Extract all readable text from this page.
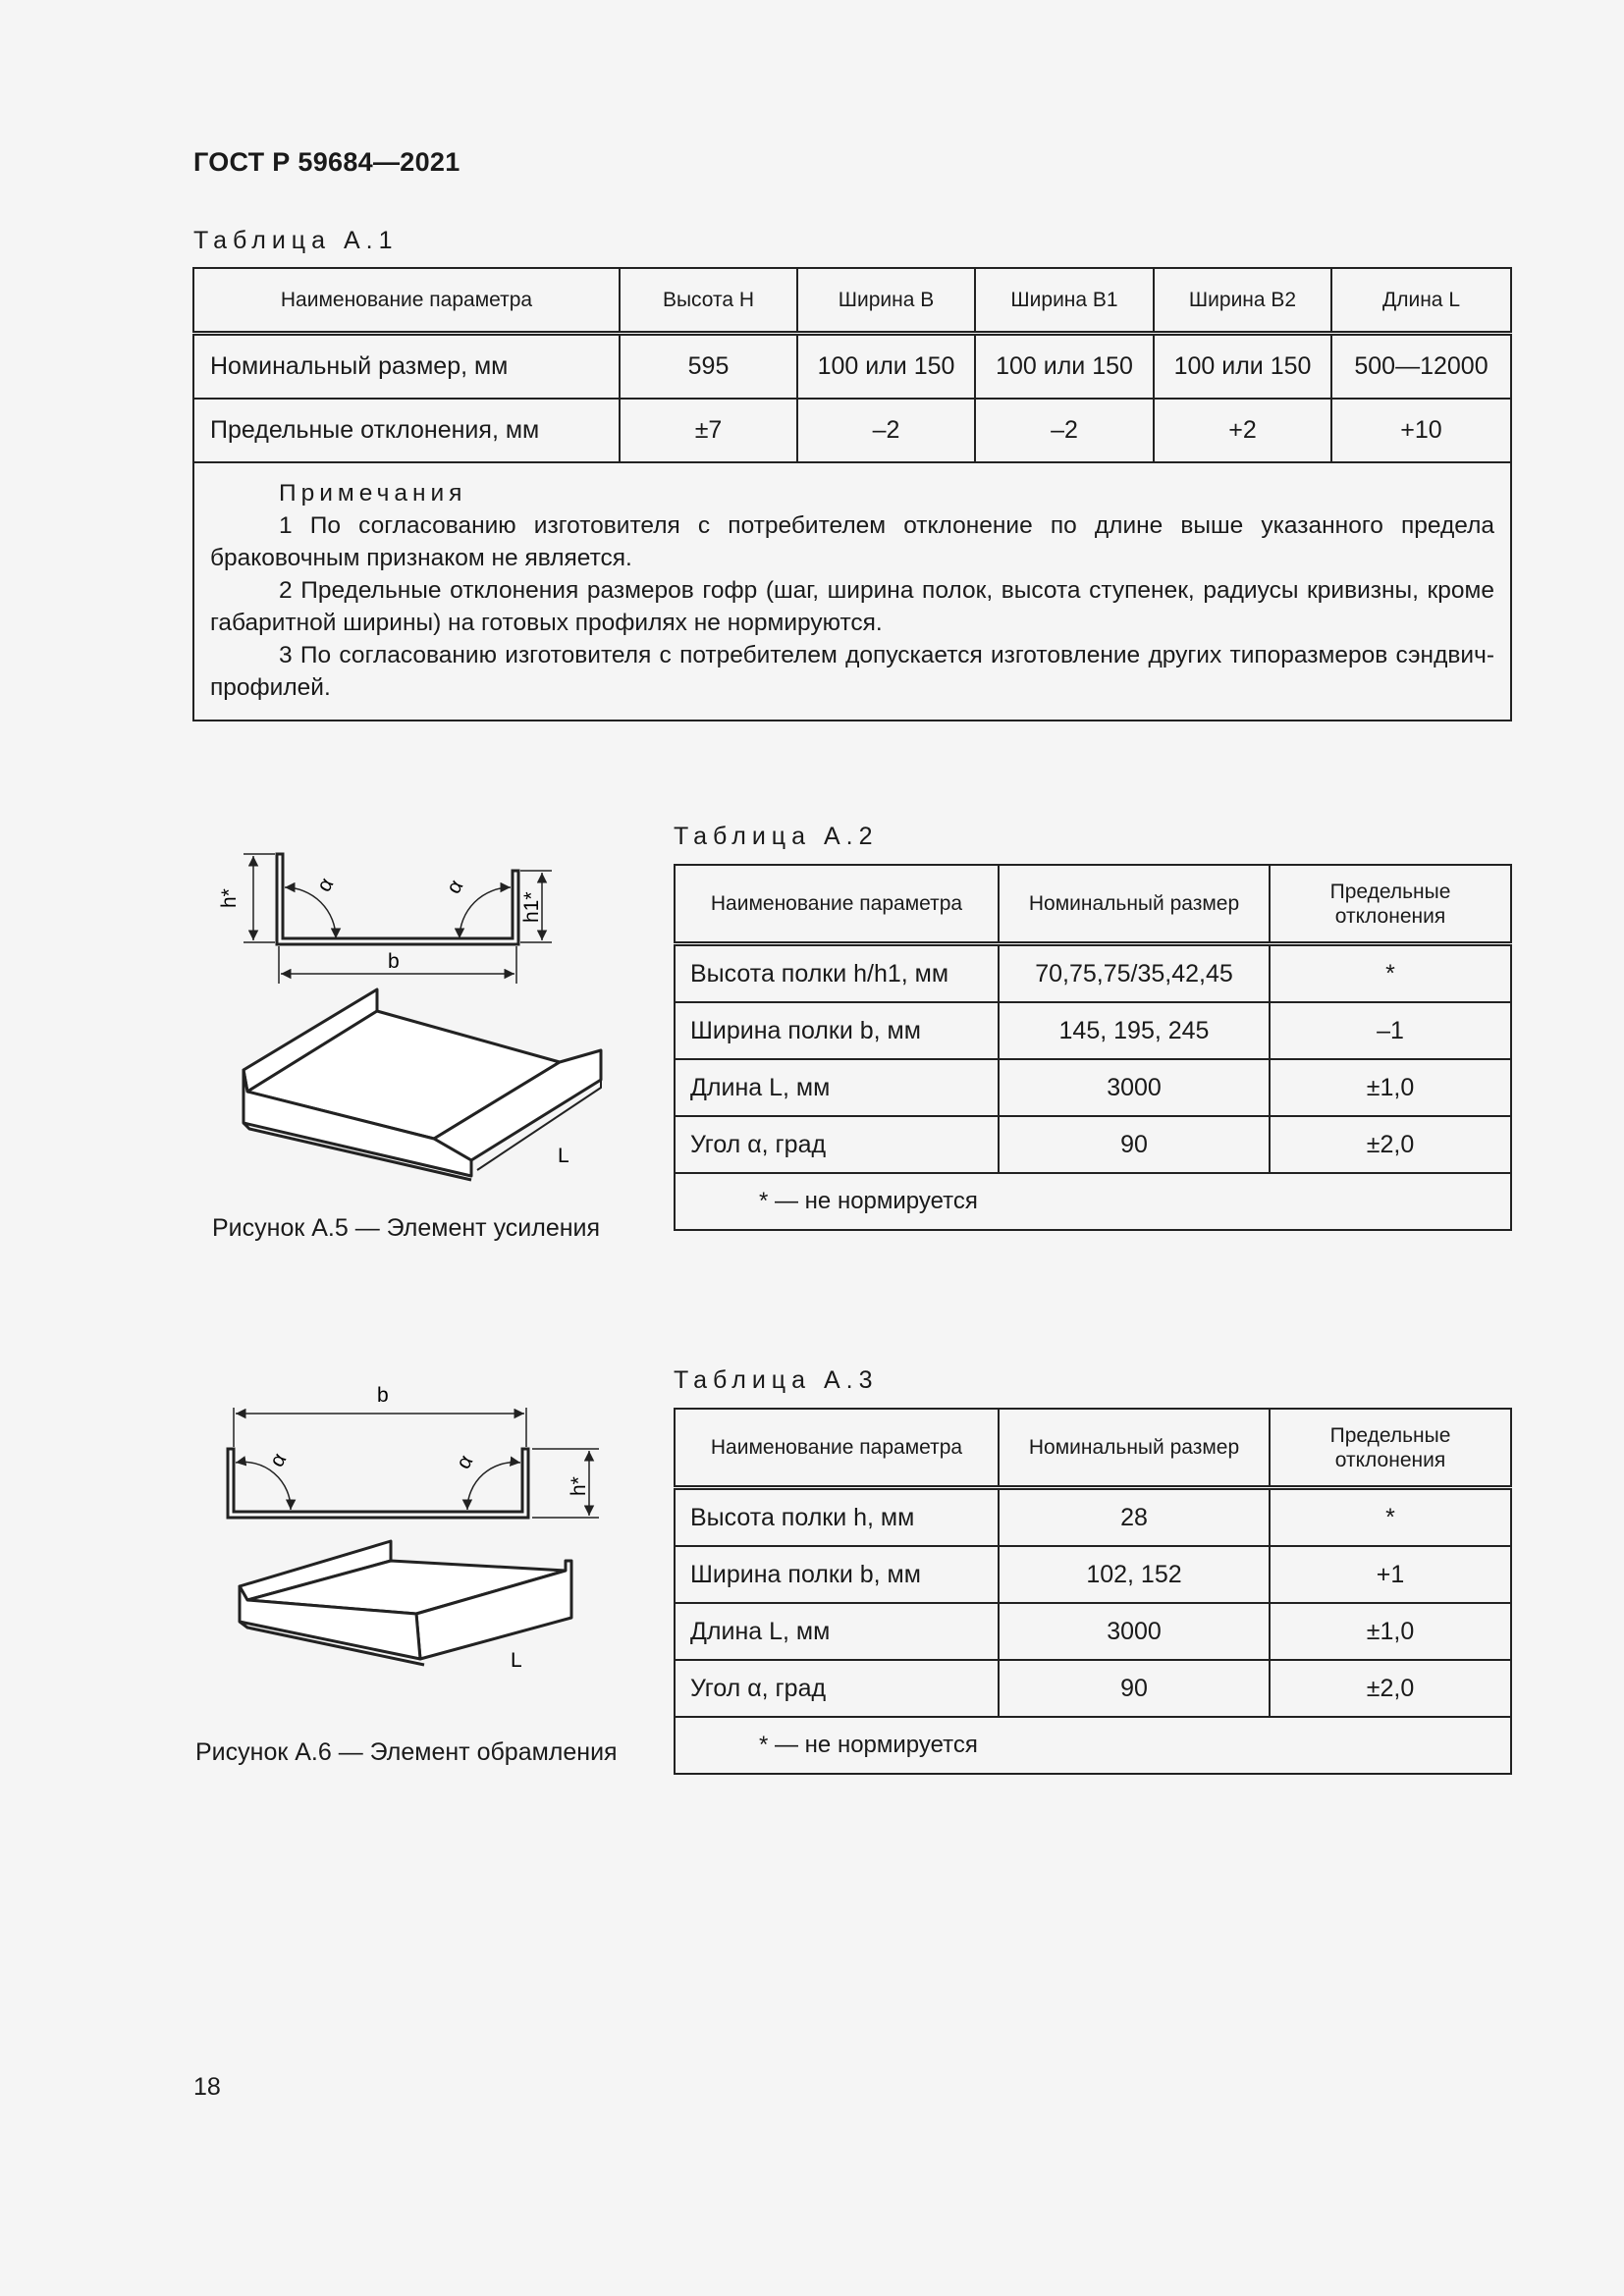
ГОСТ Р 59684—2021
Таблица А.1
Наименование параметра	Высота H	Ширина B	Ширина B1	Ширина B2	Длина L
Номинальный размер, мм	595	100 или 150	100 или 150	100 или 150	500—12000
Предельные отклонения, мм	±7	–2	–2	+2	+10

Примечания
1 По согласованию изготовителя с потребителем отклонение по длине выше указанного предела браковочным признаком не является.
2 Предельные отклонения размеров гофр (шаг, ширина полок, высота ступенек, радиусы кривизны, кроме габаритной ширины) на готовых профилях не нормируются.
3 По согласованию изготовителя с потребителем допускается изготовление других типоразмеров сэндвич-профилей.					
h*	h1*
α	α
b
L
Рисунок А.5 — Элемент усиления
Таблица А.2
Наименование параметра	Номинальный размер	Предельные отклонения
Высота полки h/h1, мм	70,75,75/35,42,45	*
Ширина полки b, мм	145, 195, 245	–1
Длина L, мм	3000	±1,0
Угол α, град	90	±2,0
* — не нормируется		
b
α	α
h*
L
Рисунок А.6 — Элемент обрамления
Таблица А.3
Наименование параметра	Номинальный размер	Предельные отклонения
Высота полки h, мм	28	*
Ширина полки b, мм	102, 152	+1
Длина L, мм	3000	±1,0
Угол α, град	90	±2,0
* — не нормируется		
18
